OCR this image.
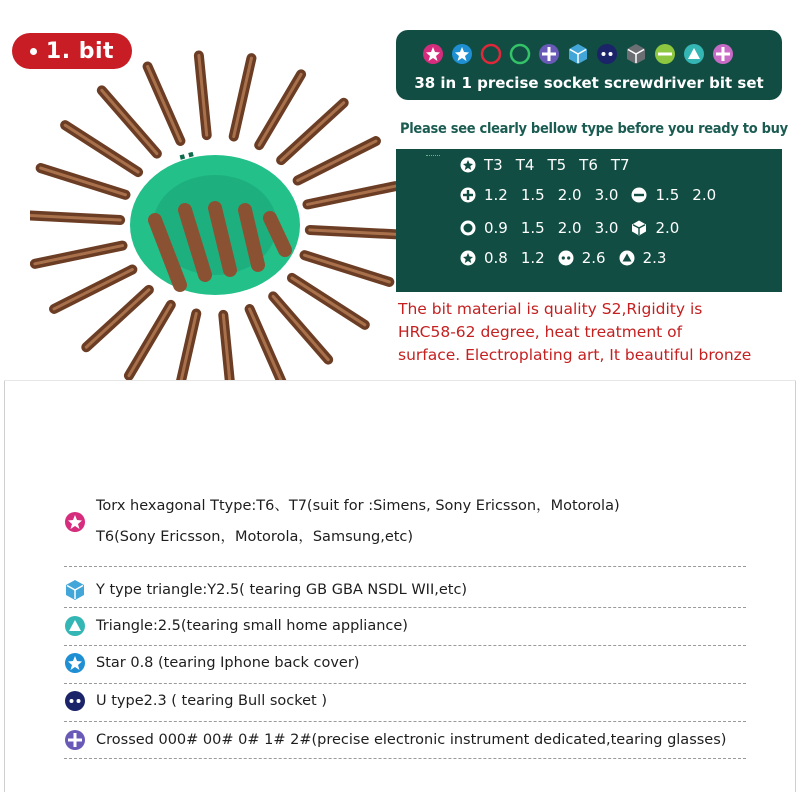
▪ ▪
1. bit
38 in 1 precise socket screwdriver bit set
Please see clearly bellow type before you ready to buy
T3 T4 T5 T6 T7
1.2 1.5 2.0 3.0 1.5 2.0
0.9 1.5 2.0 3.0 2.0
0.8 1.2 2.6 2.3
The bit material is quality S2,Rigidity is
HRC58-62 degree, heat treatment of
surface. Electroplating art, It beautiful bronze
Torx hexagonal Ttype:T6、T7(suit for :Simens, Sony Ericsson，Motorola)
T6(Sony Ericsson，Motorola，Samsung,etc)
Y type triangle:Y2.5( tearing GB GBA NSDL WII,etc)
Triangle:2.5(tearing small home appliance)
Star 0.8 (tearing Iphone back cover)
U type2.3 ( tearing Bull socket )
Crossed 000# 00# 0# 1# 2#(precise electronic instrument dedicated,tearing glasses)
